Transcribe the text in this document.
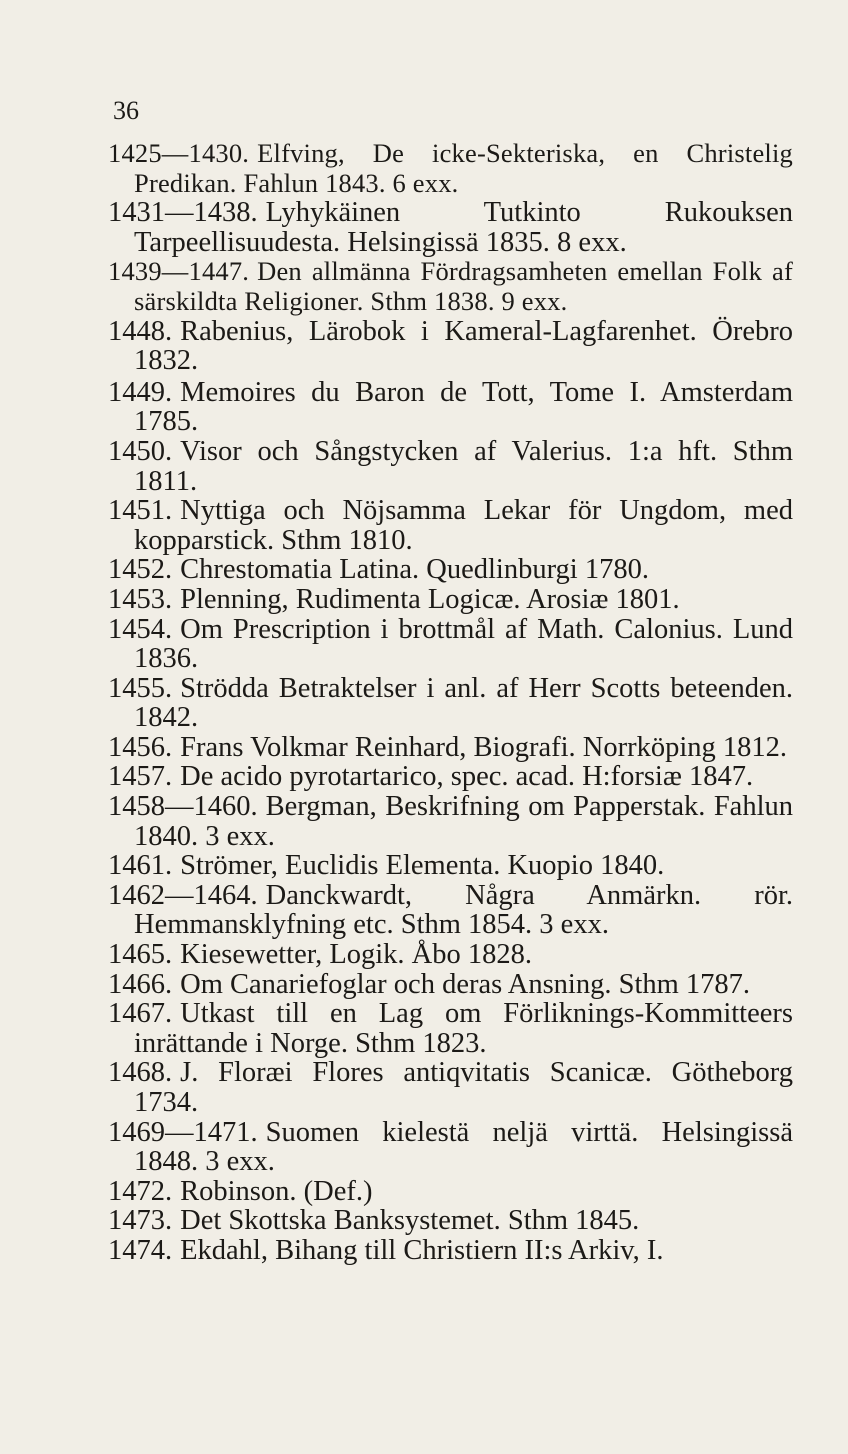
36

1425—1430. Elfving, De icke-Sekteriska, en Christelig Predikan. Fahlun 1843. 6 exx.

1431—1438. Lyhykäinen Tutkinto Rukouksen Tarpeellisuudesta. Helsingissä 1835. 8 exx.

1439—1447. Den allmänna Fördragsamheten emellan Folk af särskildta Religioner. Sthm 1838. 9 exx.

1448. Rabenius, Lärobok i Kameral-Lagfarenhet. Örebro 1832.

1449. Memoires du Baron de Tott, Tome I. Amsterdam 1785.

1450. Visor och Sångstycken af Valerius. 1:a hft. Sthm 1811.

1451. Nyttiga och Nöjsamma Lekar för Ungdom, med kopparstick. Sthm 1810.

1452. Chrestomatia Latina. Quedlinburgi 1780.

1453. Plenning, Rudimenta Logicæ. Arosiæ 1801.

1454. Om Prescription i brottmål af Math. Calonius. Lund 1836.

1455. Strödda Betraktelser i anl. af Herr Scotts beteenden. 1842.

1456. Frans Volkmar Reinhard, Biografi. Norrköping 1812.

1457. De acido pyrotartarico, spec. acad. H:forsiæ 1847.

1458—1460. Bergman, Beskrifning om Papperstak. Fahlun 1840. 3 exx.

1461. Strömer, Euclidis Elementa. Kuopio 1840.

1462—1464. Danckwardt, Några Anmärkn. rör. Hemmansklyfning etc. Sthm 1854. 3 exx.

1465. Kiesewetter, Logik. Åbo 1828.

1466. Om Canariefoglar och deras Ansning. Sthm 1787.

1467. Utkast till en Lag om Förliknings-Kommitteers inrättande i Norge. Sthm 1823.

1468. J. Floræi Flores antiqvitatis Scanicæ. Götheborg 1734.

1469—1471. Suomen kielestä neljä virttä. Helsingissä 1848. 3 exx.

1472. Robinson. (Def.)

1473. Det Skottska Banksystemet. Sthm 1845.

1474. Ekdahl, Bihang till Christiern II:s Arkiv, I.
